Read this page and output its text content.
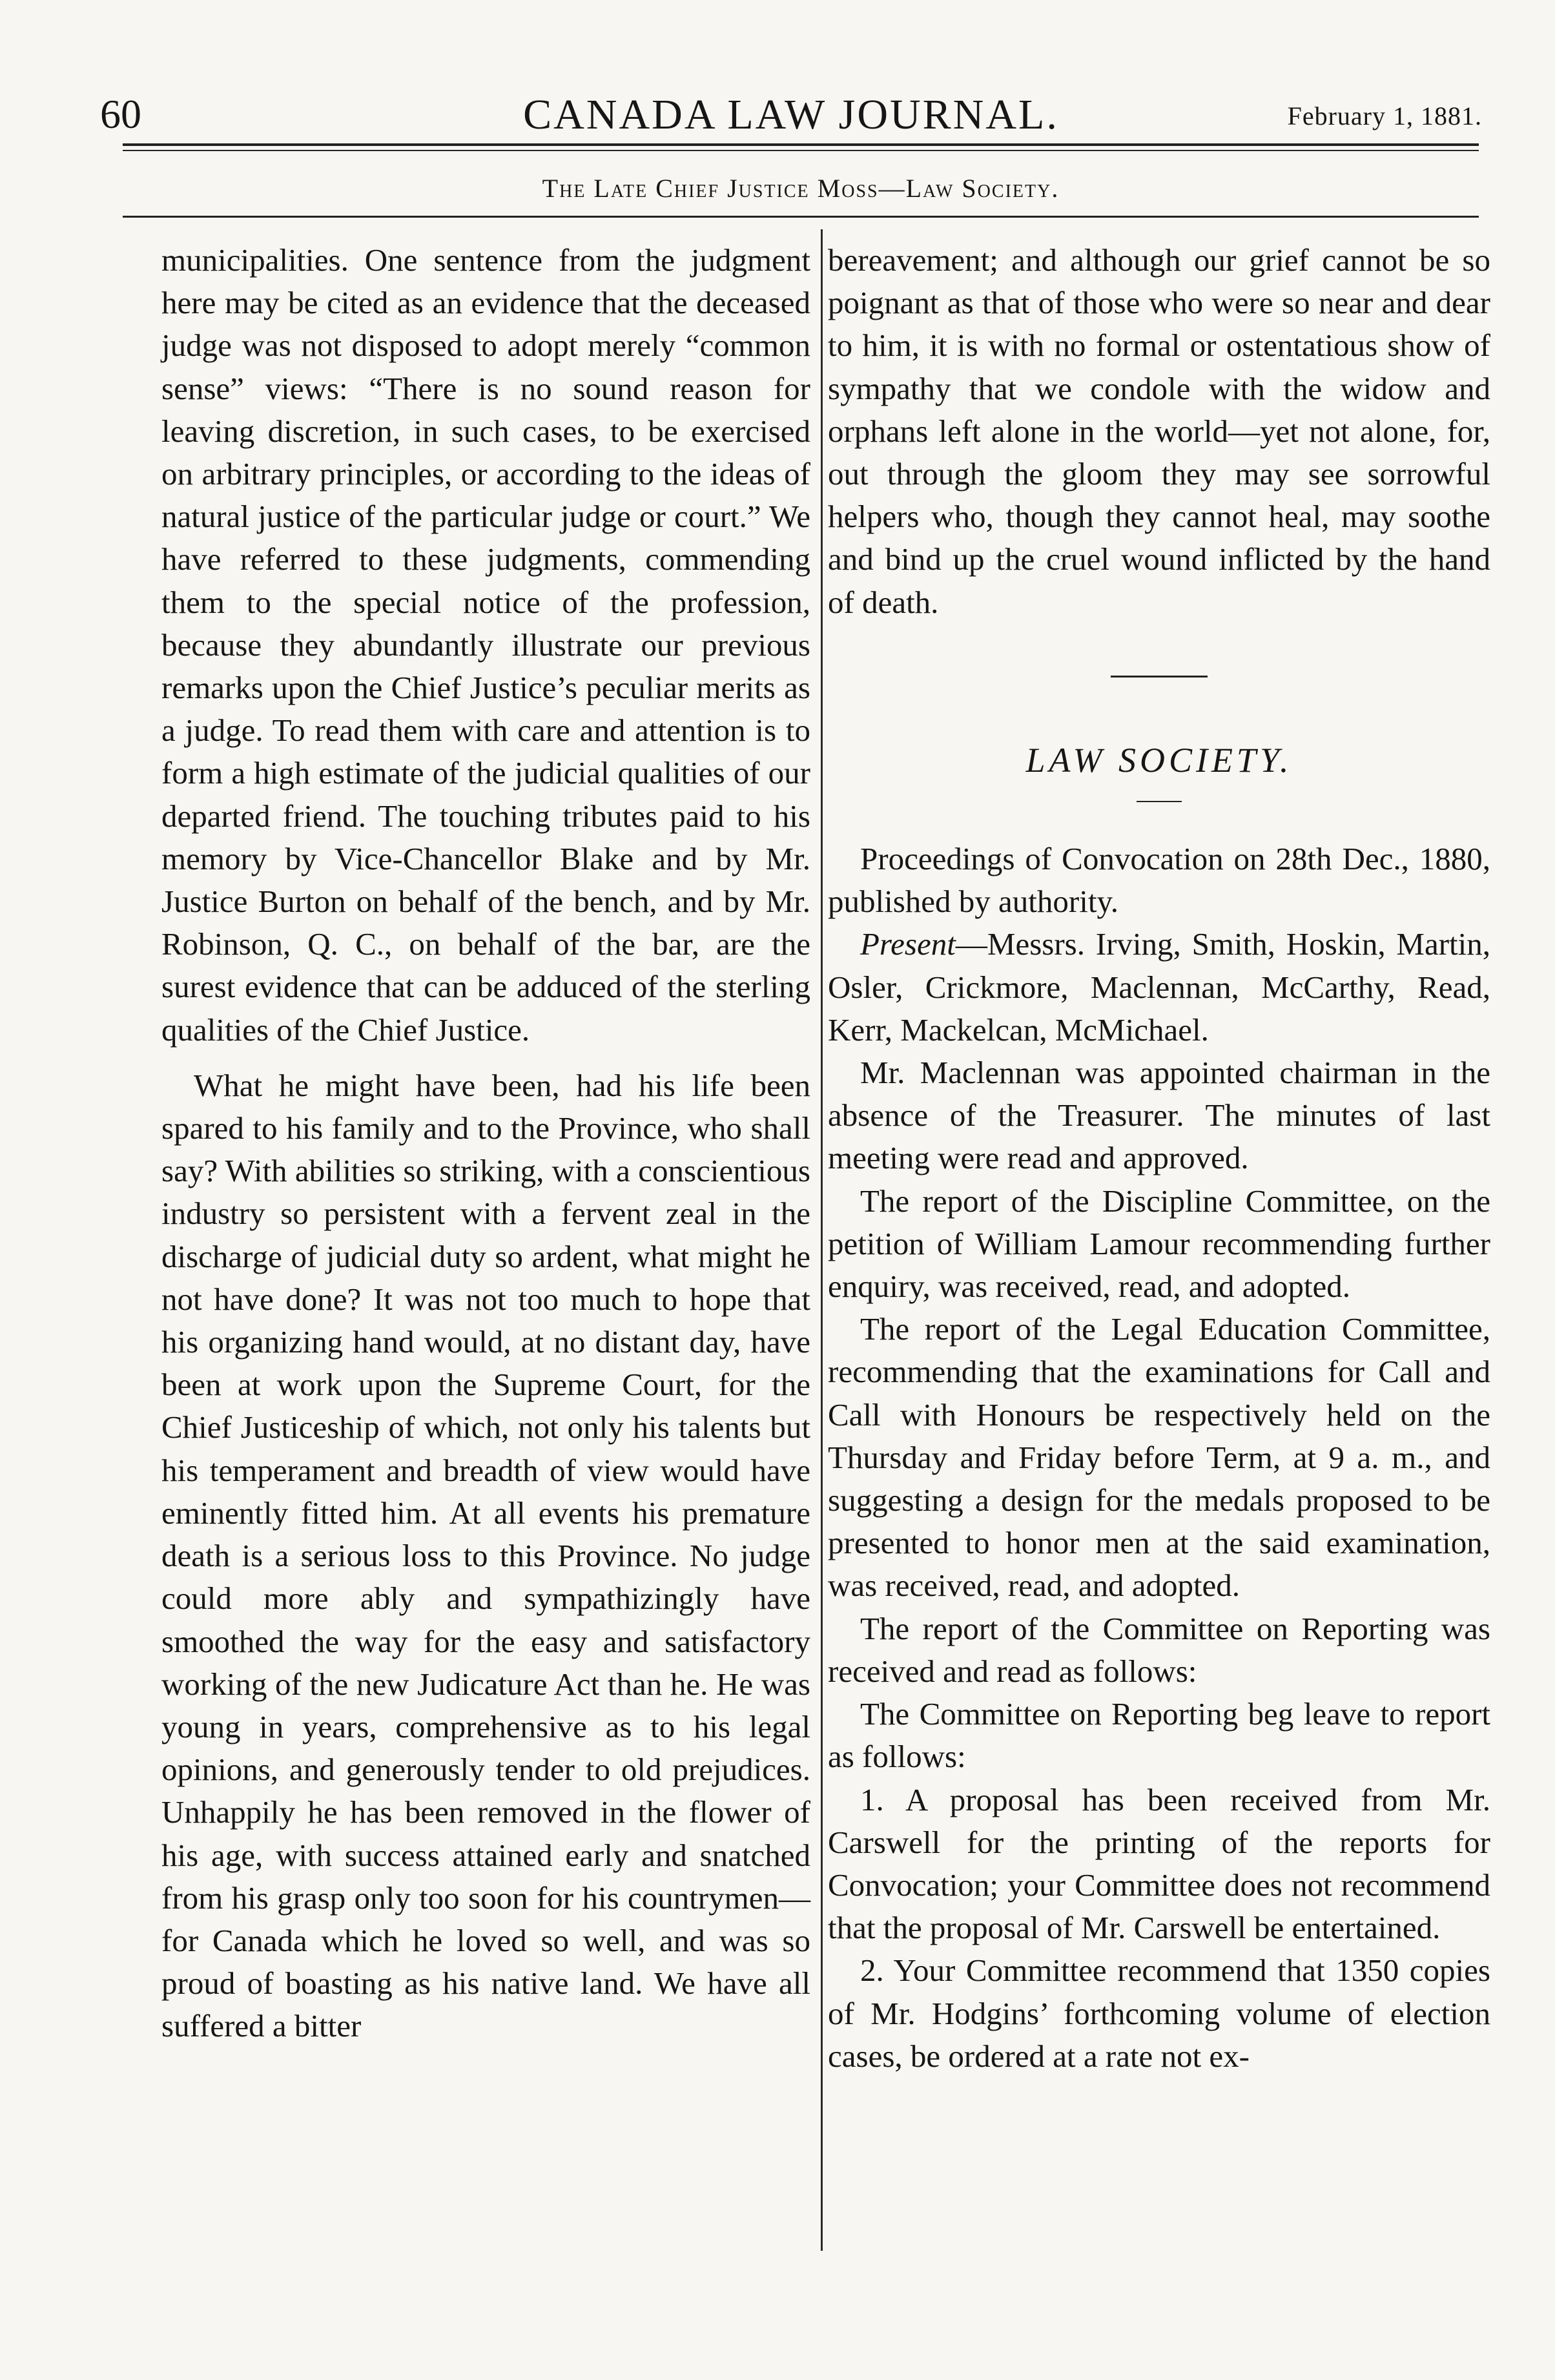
60	CANADA LAW JOURNAL.	February 1, 1881.
The Late Chief Justice Moss—Law Society.

municipalities. One sentence from the judgment here may be cited as an evidence that the deceased judge was not disposed to adopt merely “common sense” views: “There is no sound reason for leaving discretion, in such cases, to be exercised on arbitrary principles, or according to the ideas of natural justice of the particular judge or court.” We have referred to these judgments, commending them to the special notice of the profession, because they abundantly illustrate our previous remarks upon the Chief Justice’s peculiar merits as a judge. To read them with care and attention is to form a high estimate of the judicial qualities of our departed friend. The touching tributes paid to his memory by Vice-Chancellor Blake and by Mr. Justice Burton on behalf of the bench, and by Mr. Robinson, Q. C., on behalf of the bar, are the surest evidence that can be adduced of the sterling qualities of the Chief Justice.

What he might have been, had his life been spared to his family and to the Province, who shall say? With abilities so striking, with a conscientious industry so persistent with a fervent zeal in the discharge of judicial duty so ardent, what might he not have done? It was not too much to hope that his organizing hand would, at no distant day, have been at work upon the Supreme Court, for the Chief Justiceship of which, not only his talents but his temperament and breadth of view would have eminently fitted him. At all events his premature death is a serious loss to this Province. No judge could more ably and sympathizingly have smoothed the way for the easy and satisfactory working of the new Judicature Act than he. He was young in years, comprehensive as to his legal opinions, and generously tender to old prejudices. Unhappily he has been removed in the flower of his age, with success attained early and snatched from his grasp only too soon for his countrymen—for Canada which he loved so well, and was so proud of boasting as his native land. We have all suffered a bitter

bereavement; and although our grief cannot be so poignant as that of those who were so near and dear to him, it is with no formal or ostentatious show of sympathy that we condole with the widow and orphans left alone in the world—yet not alone, for, out through the gloom they may see sorrowful helpers who, though they cannot heal, may soothe and bind up the cruel wound inflicted by the hand of death.

LAW SOCIETY.

Proceedings of Convocation on 28th Dec., 1880, published by authority.

Present—Messrs. Irving, Smith, Hoskin, Martin, Osler, Crickmore, Maclennan, McCarthy, Read, Kerr, Mackelcan, McMichael.

Mr. Maclennan was appointed chairman in the absence of the Treasurer. The minutes of last meeting were read and approved.

The report of the Discipline Committee, on the petition of William Lamour recommending further enquiry, was received, read, and adopted.

The report of the Legal Education Committee, recommending that the examinations for Call and Call with Honours be respectively held on the Thursday and Friday before Term, at 9 a. m., and suggesting a design for the medals proposed to be presented to honor men at the said examination, was received, read, and adopted.

The report of the Committee on Reporting was received and read as follows:

The Committee on Reporting beg leave to report as follows:

1. A proposal has been received from Mr. Carswell for the printing of the reports for Convocation; your Committee does not recommend that the proposal of Mr. Carswell be entertained.

2. Your Committee recommend that 1350 copies of Mr. Hodgins’ forthcoming volume of election cases, be ordered at a rate not ex-
